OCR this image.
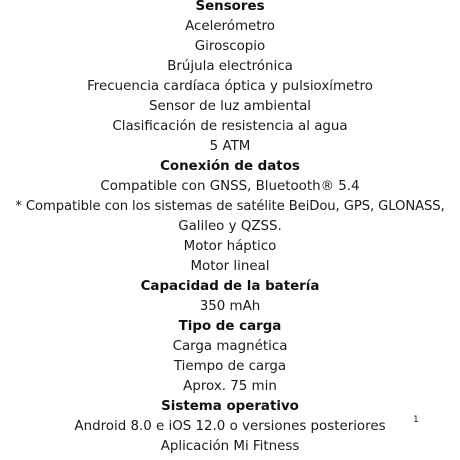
Sensores
Acelerómetro
Giroscopio
Brújula electrónica
Frecuencia cardíaca óptica y pulsioxímetro
Sensor de luz ambiental
Clasificación de resistencia al agua
5 ATM
Conexión de datos
Compatible con GNSS, Bluetooth® 5.4
* Compatible con los sistemas de satélite BeiDou, GPS, GLONASS,
Galileo y QZSS.
Motor háptico
Motor lineal
Capacidad de la batería
350 mAh
Tipo de carga
Carga magnética
Tiempo de carga
Aprox. 75 min
Sistema operativo
Android 8.0 e iOS 12.0 o versiones posteriores
Aplicación Mi Fitness
1
